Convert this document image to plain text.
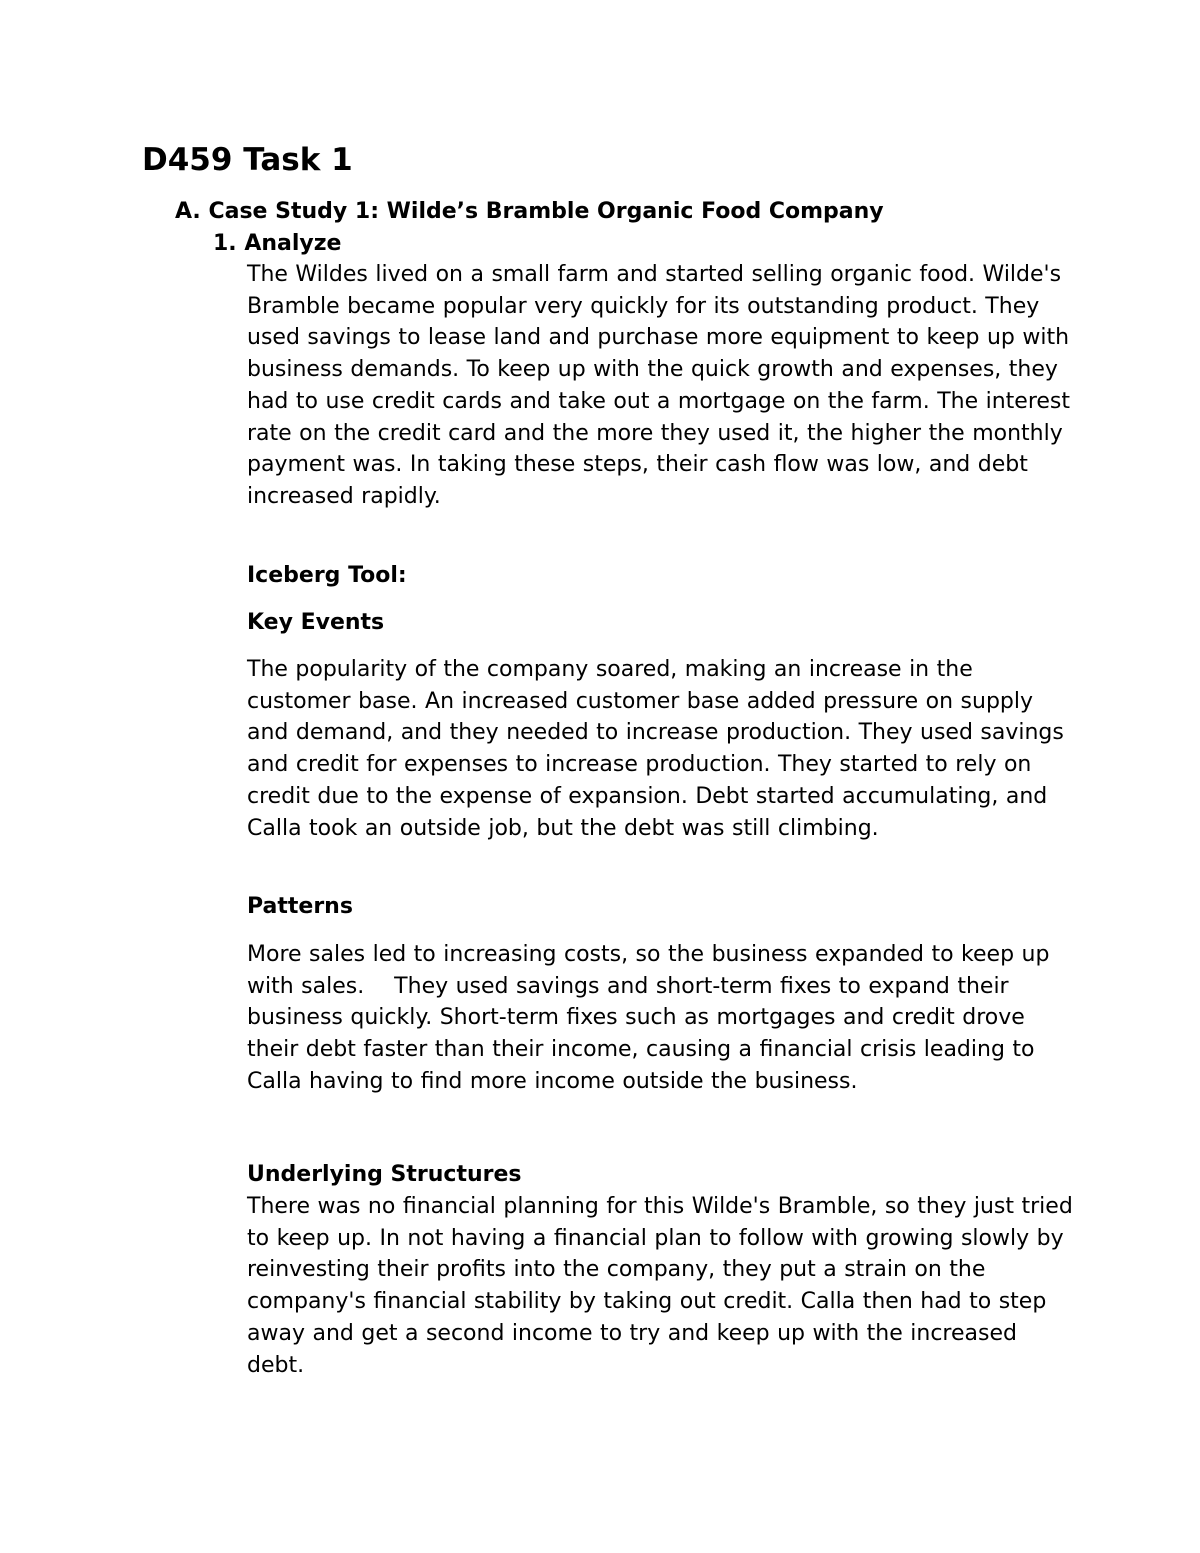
D459 Task 1
A. Case Study 1: Wilde’s Bramble Organic Food Company
1. Analyze

The Wildes lived on a small farm and started selling organic food. Wilde's Bramble became popular very quickly for its outstanding product. They used savings to lease land and purchase more equipment to keep up with business demands. To keep up with the quick growth and expenses, they had to use credit cards and take out a mortgage on the farm. The interest rate on the credit card and the more they used it, the higher the monthly payment was. In taking these steps, their cash flow was low, and debt increased rapidly.

Iceberg Tool:
Key Events

The popularity of the company soared, making an increase in the customer base. An increased customer base added pressure on supply and demand, and they needed to increase production. They used savings and credit for expenses to increase production. They started to rely on credit due to the expense of expansion. Debt started accumulating, and Calla took an outside job, but the debt was still climbing.

Patterns

More sales led to increasing costs, so the business expanded to keep up with sales.    They used savings and short-term fixes to expand their business quickly. Short-term fixes such as mortgages and credit drove their debt faster than their income, causing a financial crisis leading to Calla having to find more income outside the business.

Underlying Structures

There was no financial planning for this Wilde's Bramble, so they just tried to keep up. In not having a financial plan to follow with growing slowly by reinvesting their profits into the company, they put a strain on the company's financial stability by taking out credit. Calla then had to step away and get a second income to try and keep up with the increased debt.
